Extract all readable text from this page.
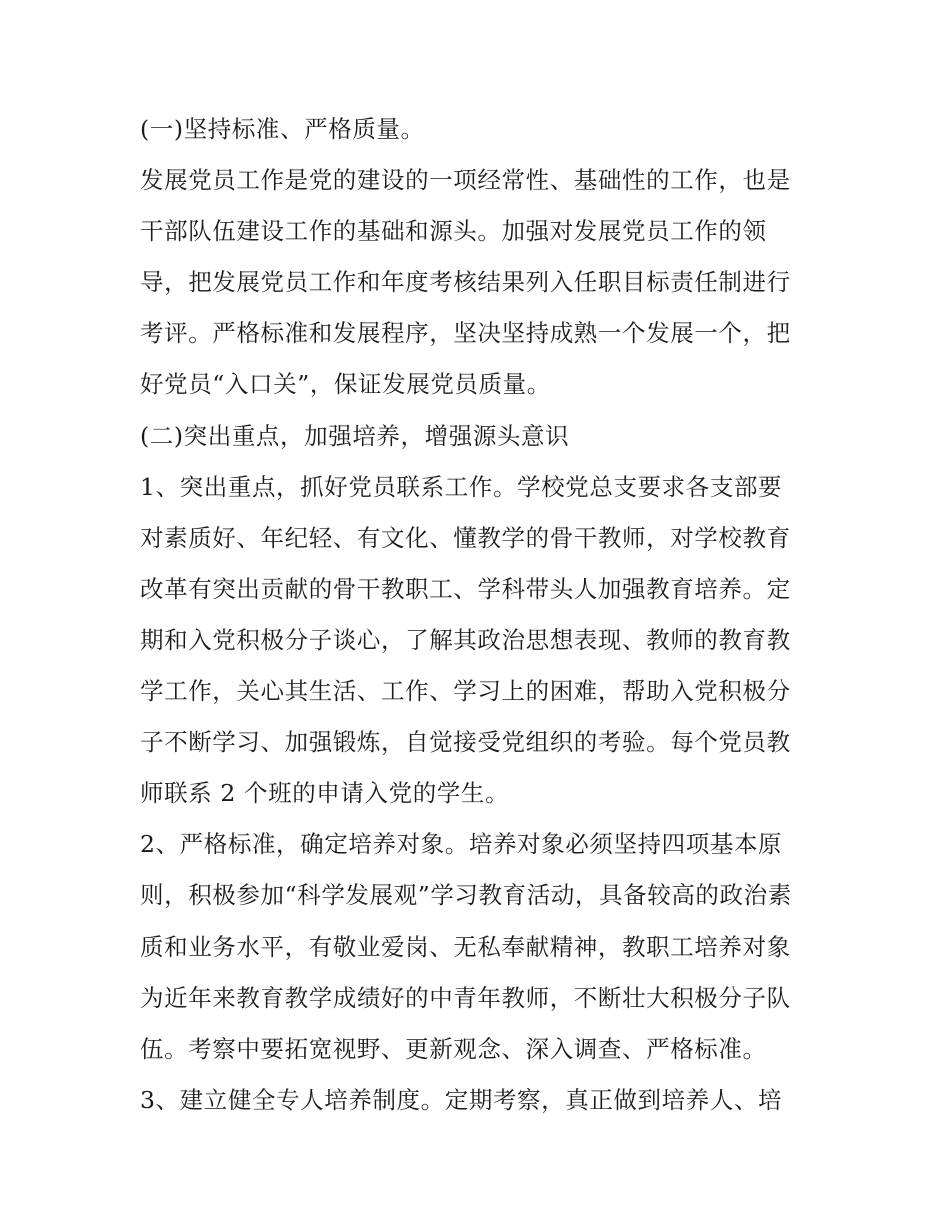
(一)坚持标准、严格质量。
发展党员工作是党的建设的一项经常性、基础性的工作，也是
干部队伍建设工作的基础和源头。加强对发展党员工作的领
导，把发展党员工作和年度考核结果列入任职目标责任制进行
考评。严格标准和发展程序，坚决坚持成熟一个发展一个，把
好党员“入口关”，保证发展党员质量。
(二)突出重点，加强培养，增强源头意识
1、突出重点，抓好党员联系工作。学校党总支要求各支部要
对素质好、年纪轻、有文化、懂教学的骨干教师，对学校教育
改革有突出贡献的骨干教职工、学科带头人加强教育培养。定
期和入党积极分子谈心，了解其政治思想表现、教师的教育教
学工作，关心其生活、工作、学习上的困难，帮助入党积极分
子不断学习、加强锻炼，自觉接受党组织的考验。每个党员教
师联系 2 个班的申请入党的学生。
2、严格标准，确定培养对象。培养对象必须坚持四项基本原
则，积极参加“科学发展观”学习教育活动，具备较高的政治素
质和业务水平，有敬业爱岗、无私奉献精神，教职工培养对象
为近年来教育教学成绩好的中青年教师，不断壮大积极分子队
伍。考察中要拓宽视野、更新观念、深入调查、严格标准。
3、建立健全专人培养制度。定期考察，真正做到培养人、培
